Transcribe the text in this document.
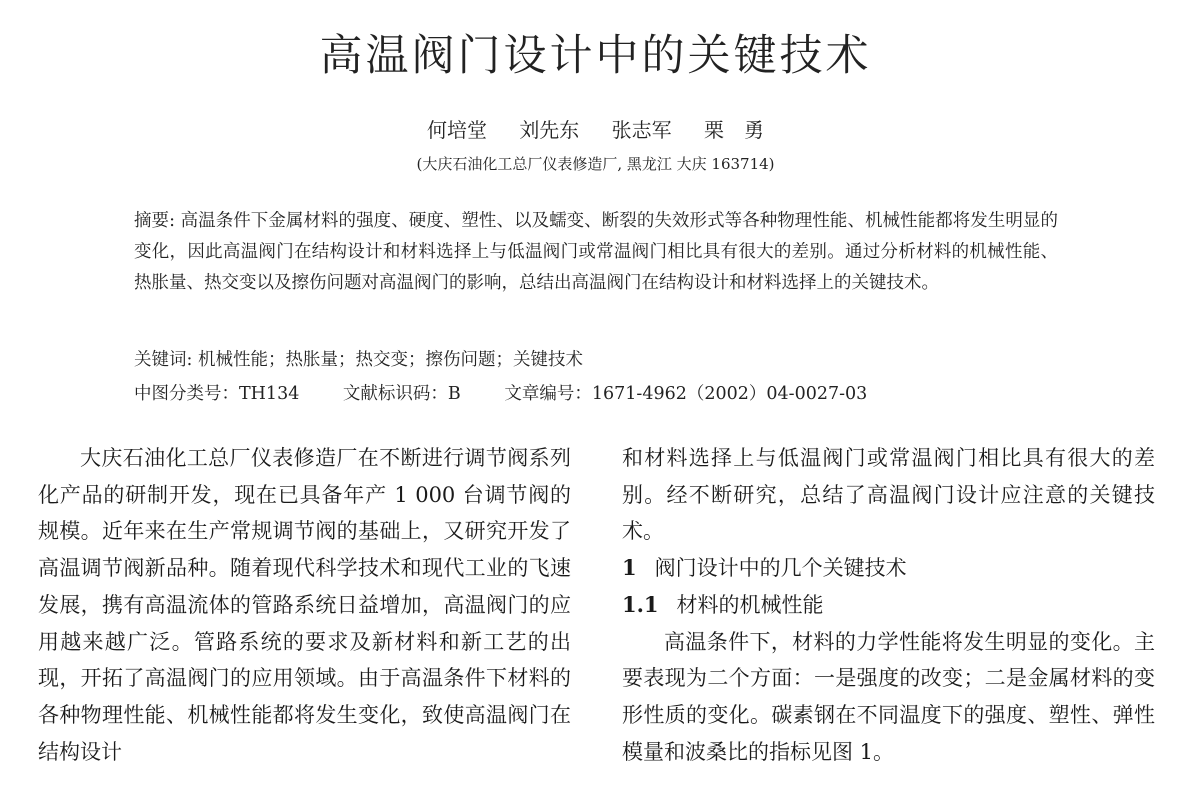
高温阀门设计中的关键技术
何培堂 刘先东 张志军 栗　勇
(大庆石油化工总厂仪表修造厂, 黑龙江 大庆 163714)
摘要: 高温条件下金属材料的强度、硬度、塑性、以及蠕变、断裂的失效形式等各种物理性能、机械性能都将发生明显的变化，因此高温阀门在结构设计和材料选择上与低温阀门或常温阀门相比具有很大的差别。通过分析材料的机械性能、热胀量、热交变以及擦伤问题对高温阀门的影响，总结出高温阀门在结构设计和材料选择上的关键技术。
关键词: 机械性能；热胀量；热交变；擦伤问题；关键技术
中图分类号：TH134 文献标识码：B 文章编号：1671-4962（2002）04-0027-03

大庆石油化工总厂仪表修造厂在不断进行调节阀系列化产品的研制开发，现在已具备年产 1 000 台调节阀的规模。近年来在生产常规调节阀的基础上，又研究开发了高温调节阀新品种。随着现代科学技术和现代工业的飞速发展，携有高温流体的管路系统日益增加，高温阀门的应用越来越广泛。管路系统的要求及新材料和新工艺的出现，开拓了高温阀门的应用领域。由于高温条件下材料的各种物理性能、机械性能都将发生变化，致使高温阀门在结构设计

和材料选择上与低温阀门或常温阀门相比具有很大的差别。经不断研究，总结了高温阀门设计应注意的关键技术。

1 阀门设计中的几个关键技术

1.1 材料的机械性能

高温条件下，材料的力学性能将发生明显的变化。主要表现为二个方面：一是强度的改变；二是金属材料的变形性质的变化。碳素钢在不同温度下的强度、塑性、弹性模量和波桑比的指标见图 1。
